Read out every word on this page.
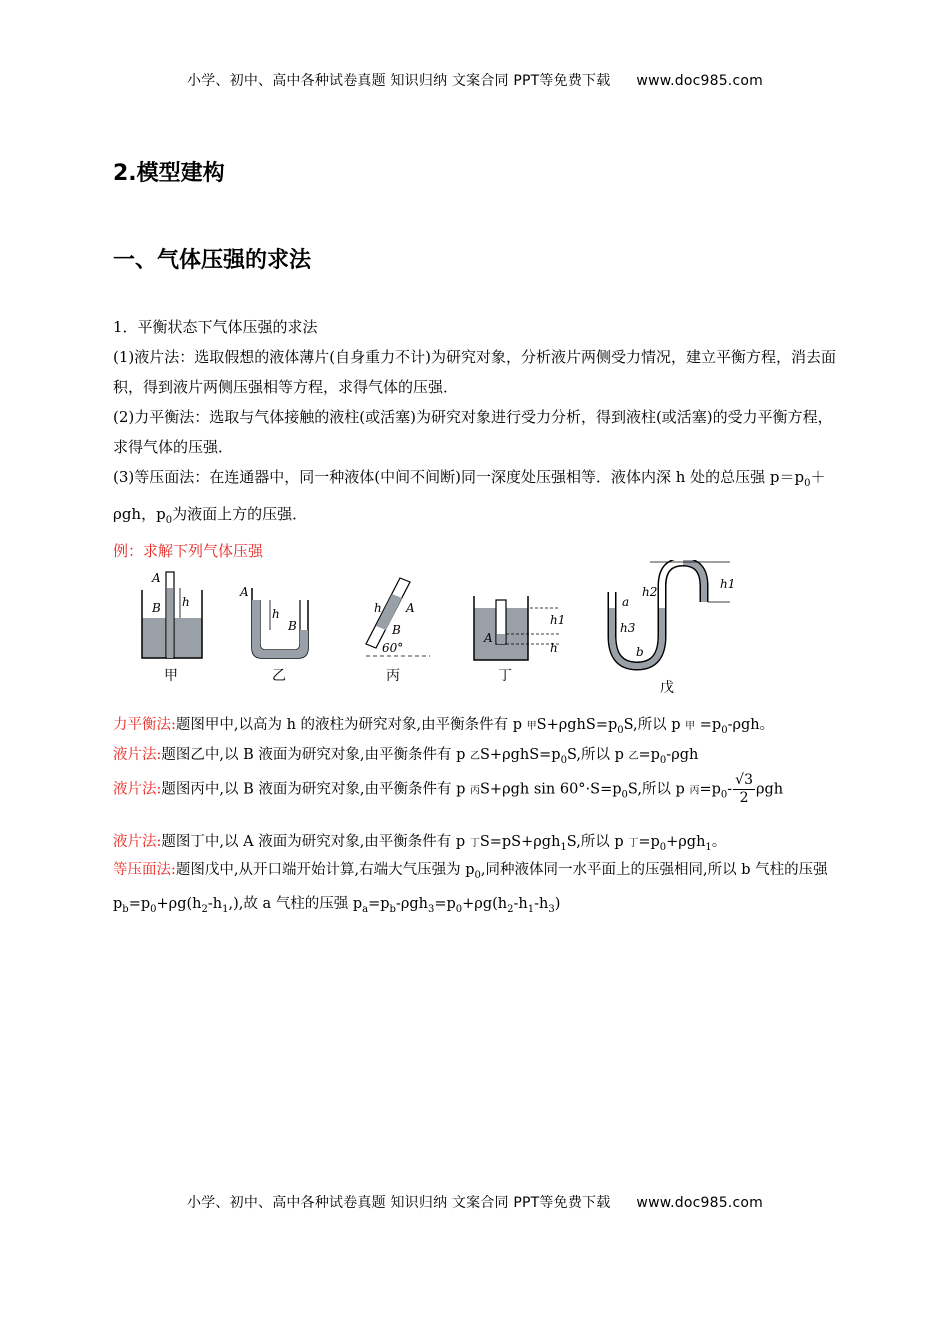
小学、初中、高中各种试卷真题 知识归纳 文案合同 PPT等免费下载 www.doc985.com
2.模型建构
一、气体压强的求法
1．平衡状态下气体压强的求法
(1)液片法：选取假想的液体薄片(自身重力不计)为研究对象，分析液片两侧受力情况，建立平衡方程，消去面积，得到液片两侧压强相等方程，求得气体的压强．
(2)力平衡法：选取与气体接触的液柱(或活塞)为研究对象进行受力分析，得到液柱(或活塞)的受力平衡方程，求得气体的压强．
(3)等压面法：在连通器中，同一种液体(中间不间断)同一深度处压强相等．液体内深 h 处的总压强 $p=p_0+\rho gh$，$p_0$为液面上方的压强．
例：求解下列气体压强
A
B h
甲
A
B
h
乙
h A
B
60°
丙
A
h1
h
丁
a
b
h2
h1
h3
戊
力平衡法:题图甲中,以高为 h 的液柱为研究对象,由平衡条件有 p 甲$S+\rho ghS=p_0S$,所以 p 甲 $=p_0$-ρgh。
液片法:题图乙中,以 B 液面为研究对象,由平衡条件有 p 乙$S+\rho ghS=p_0S$,所以 p 乙$=p_0$-ρgh
液片法:题图丙中,以 B 液面为研究对象,由平衡条件有 p 丙S+ρgh $\sin 60^\circ\cdot S=p_0S$,所以 p 丙$=p_0- \frac{√3}{2}$ ρgh
液片法:题图丁中,以 A 液面为研究对象,由平衡条件有 p 丁S=pS+ρgh$_1$S,所以 p 丁$=p_0+\rho gh_1$。
等压面法:题图戊中,从开口端开始计算,右端大气压强为 $p_0$,同种液体同一水平面上的压强相同,所以 b 气柱的压强 $p_b=p_0+\rho g(h_2-h_1,)$,故 a 气柱的压强 $p_a=p_b-\rho gh_3=p_0+\rho g(h_2-h_1-h_3)$
小学、初中、高中各种试卷真题 知识归纳 文案合同 PPT等免费下载 www.doc985.com
